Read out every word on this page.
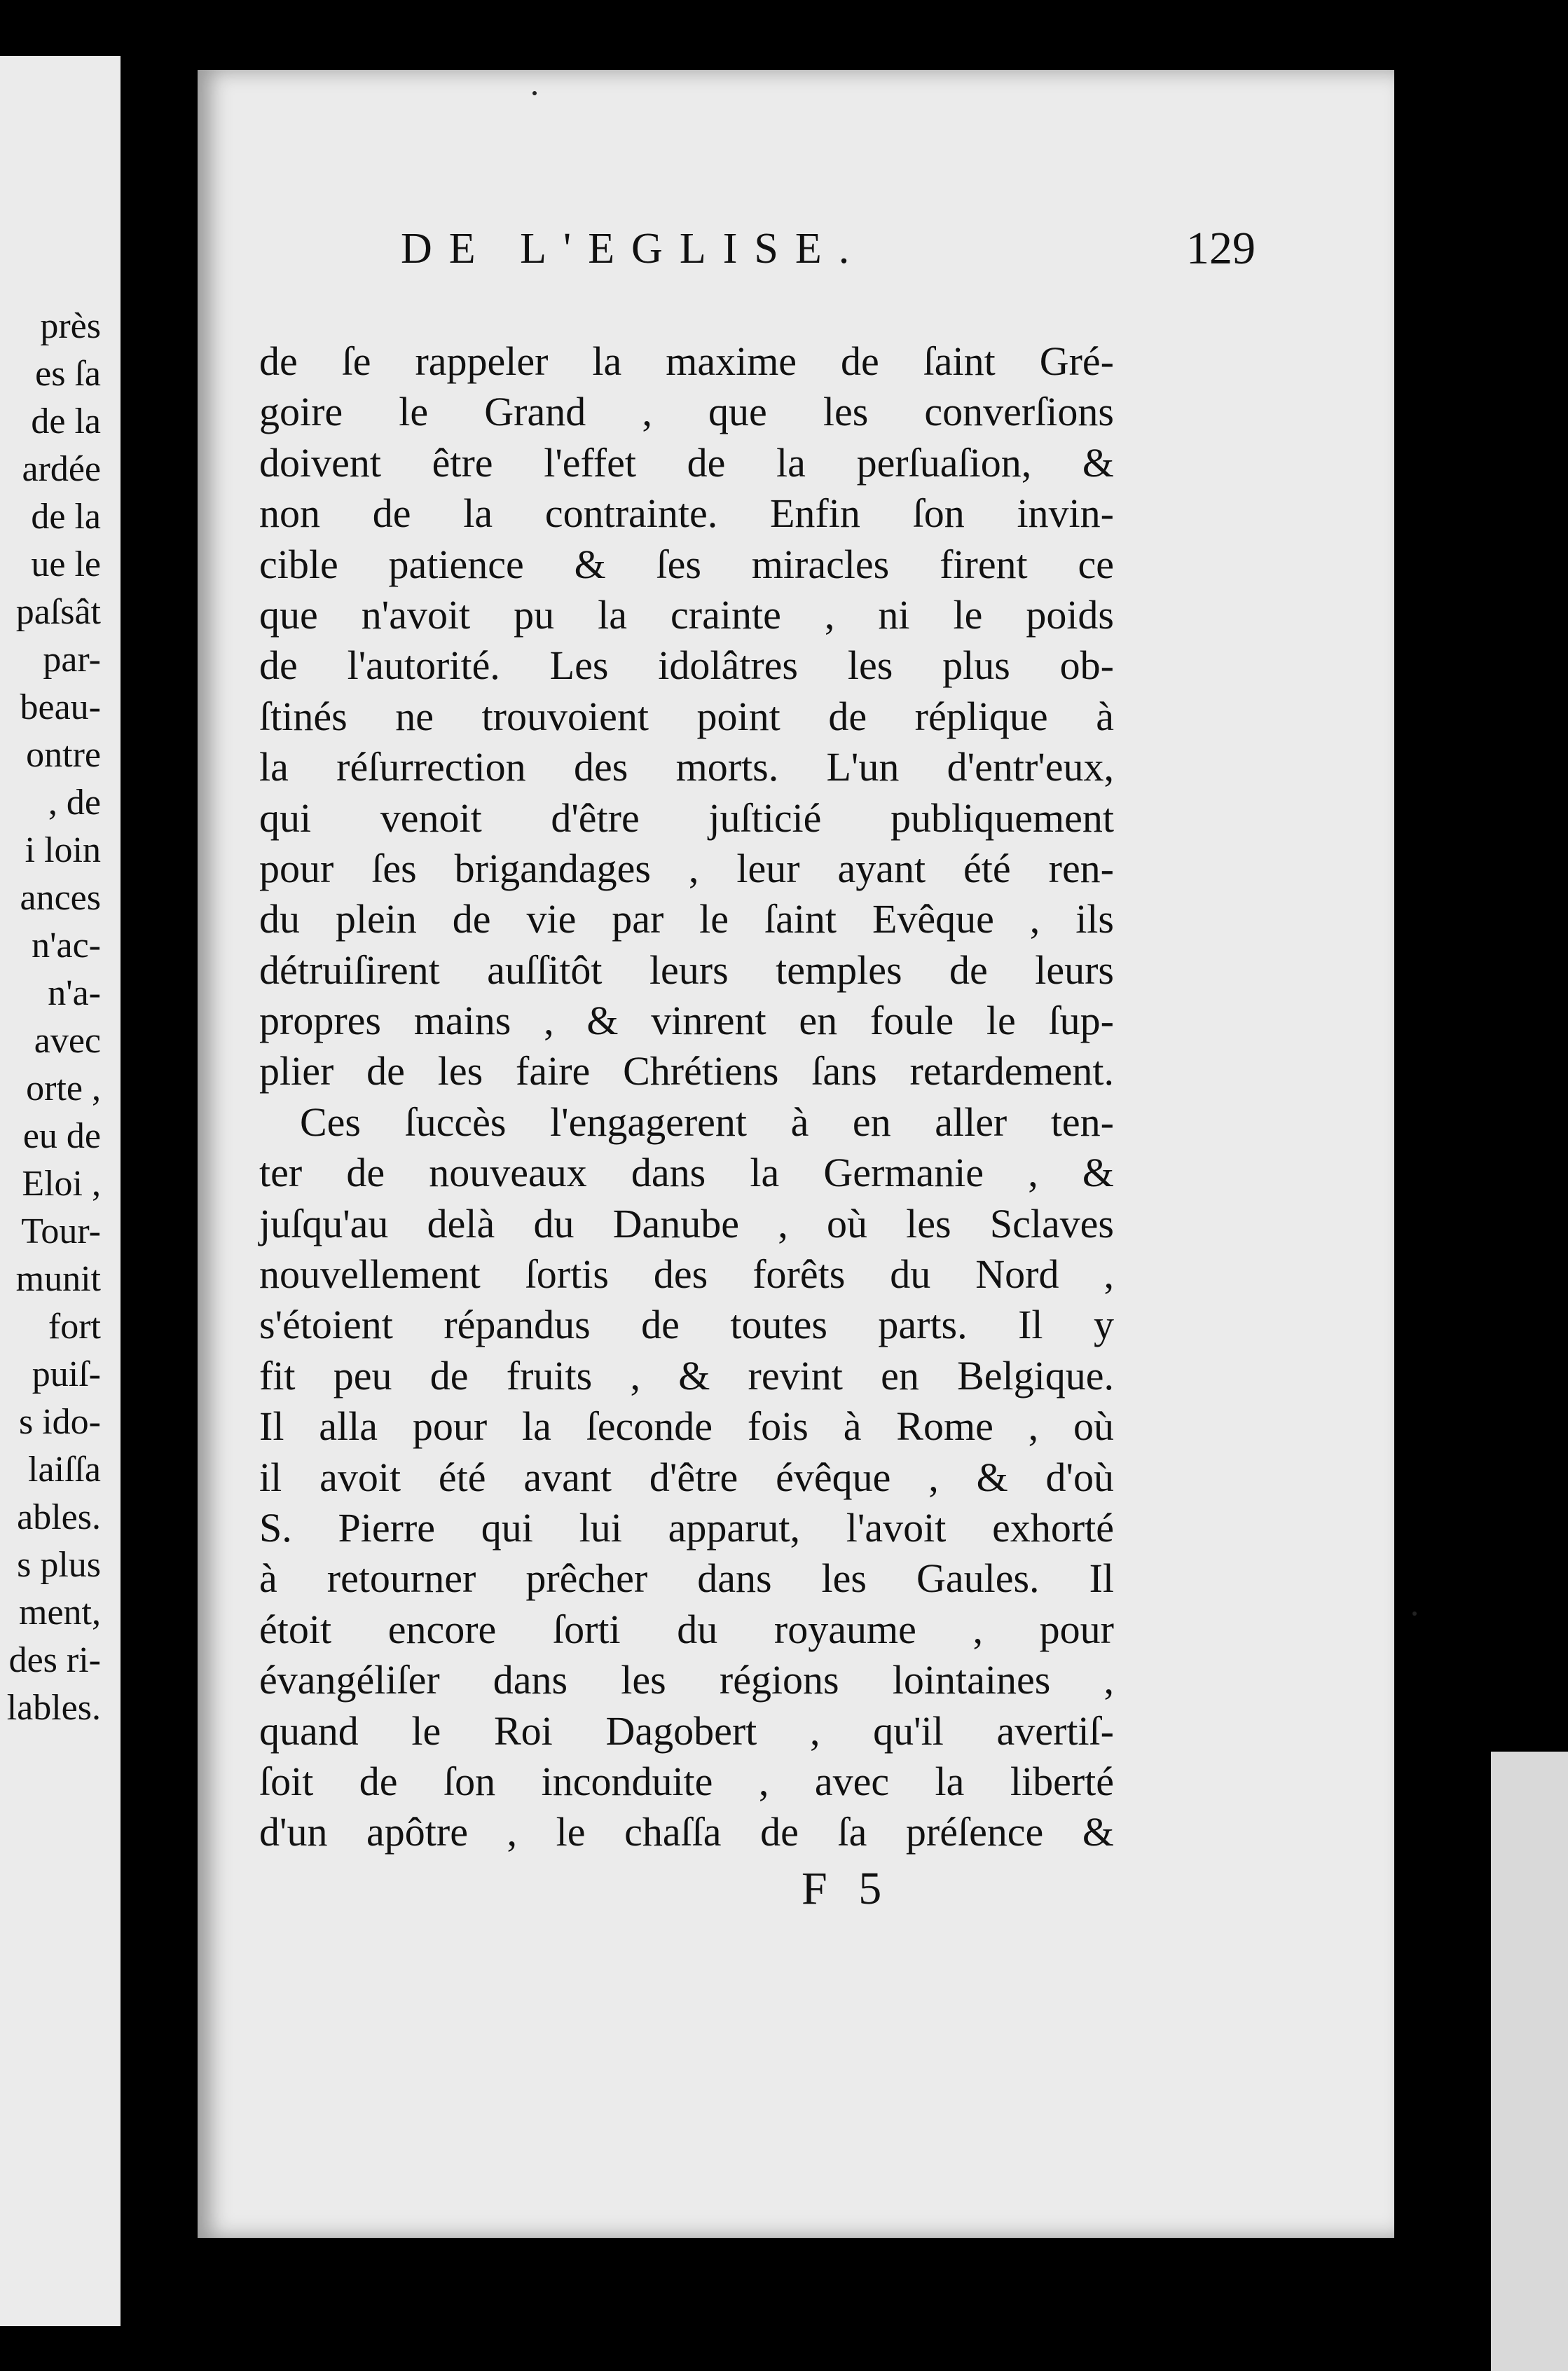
près
es ſa
de la
ardée
de la
ue le
paſsât
par-
beau-
ontre
, de
i loin
ances
n'ac-
n'a-
avec
orte ,
eu de
Eloi ,
Tour-
munit
fort
puiſ-
s ido-
laiſſa
ables.
s plus
ment,
des ri-
lables.
DE L'EGLISE.	129
de ſe rappeler la maxime de ſaint Gré-
goire le Grand , que les converſions
doivent être l'effet de la perſuaſion, &
non de la contrainte. Enfin ſon invin-
cible patience & ſes miracles firent ce
que n'avoit pu la crainte , ni le poids
de l'autorité. Les idolâtres les plus ob-
ſtinés ne trouvoient point de réplique à
la réſurrection des morts. L'un d'entr'eux,
qui venoit d'être juſticié publiquement
pour ſes brigandages , leur ayant été ren-
du plein de vie par le ſaint Evêque , ils
détruiſirent auſſitôt leurs temples de leurs
propres mains , & vinrent en foule le ſup-
plier de les faire Chrétiens ſans retardement.
Ces ſuccès l'engagerent à en aller ten-
ter de nouveaux dans la Germanie , &
juſqu'au delà du Danube , où les Sclaves
nouvellement ſortis des forêts du Nord ,
s'étoient répandus de toutes parts. Il y
fit peu de fruits , & revint en Belgique.
Il alla pour la ſeconde fois à Rome , où
il avoit été avant d'être évêque , & d'où
S. Pierre qui lui apparut, l'avoit exhorté
à retourner prêcher dans les Gaules. Il
étoit encore ſorti du royaume , pour
évangéliſer dans les régions lointaines ,
quand le Roi Dagobert , qu'il avertiſ-
ſoit de ſon inconduite , avec la liberté
d'un apôtre , le chaſſa de ſa préſence &
F 5
